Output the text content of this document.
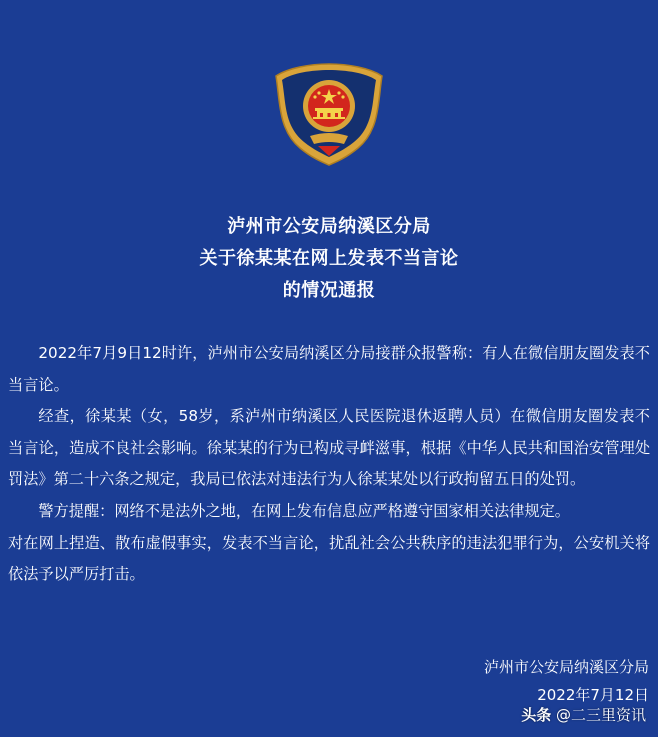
泸州市公安局纳溪区分局
关于徐某某在网上发表不当言论
的情况通报

2022年7月9日12时许，泸州市公安局纳溪区分局接群众报警称：有人在微信朋友圈发表不当言论。

经查，徐某某（女，58岁，系泸州市纳溪区人民医院退休返聘人员）在微信朋友圈发表不当言论，造成不良社会影响。徐某某的行为已构成寻衅滋事，根据《中华人民共和国治安管理处罚法》第二十六条之规定，我局已依法对违法行为人徐某某处以行政拘留五日的处罚。

警方提醒：网络不是法外之地，在网上发布信息应严格遵守国家相关法律规定。

对在网上捏造、散布虚假事实，发表不当言论，扰乱社会公共秩序的违法犯罪行为，公安机关将依法予以严厉打击。

泸州市公安局纳溪区分局
2022年7月12日
头条 @二三里资讯
